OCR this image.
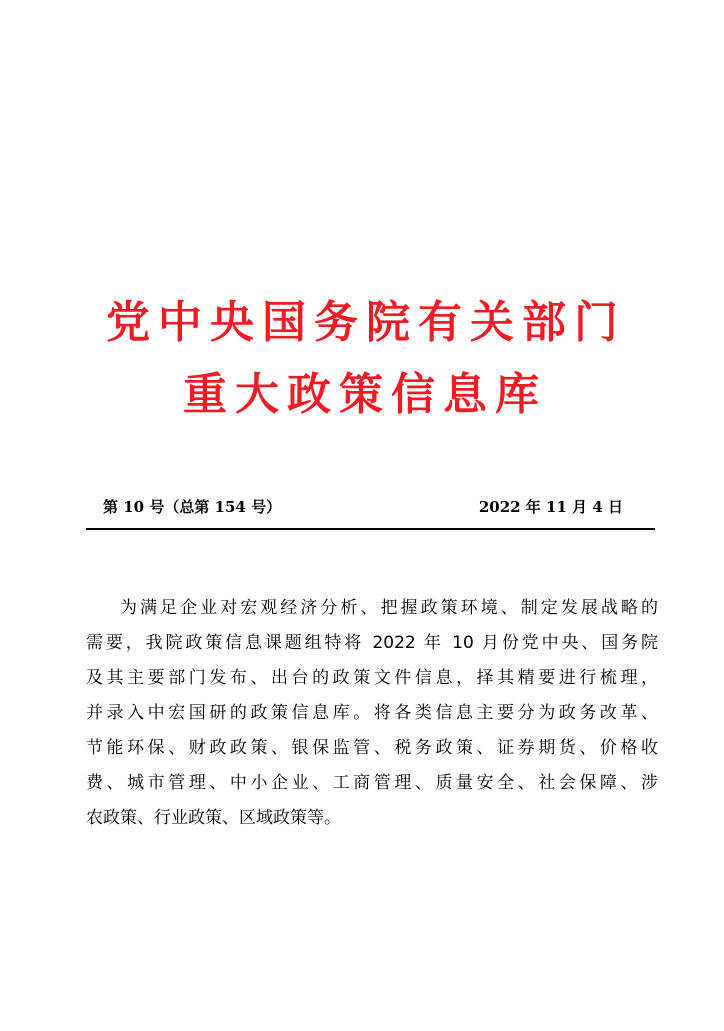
党中央国务院有关部门
重大政策信息库
第 10 号（总第 154 号）	2022 年 11 月 4 日
为满足企业对宏观经济分析、把握政策环境、制定发展战略的
需要，我院政策信息课题组特将 2022 年 10 月份党中央、国务院
及其主要部门发布、出台的政策文件信息，择其精要进行梳理，
并录入中宏国研的政策信息库。将各类信息主要分为政务改革、
节能环保、财政政策、银保监管、税务政策、证券期货、价格收
费、城市管理、中小企业、工商管理、质量安全、社会保障、涉
农政策、行业政策、区域政策等。
